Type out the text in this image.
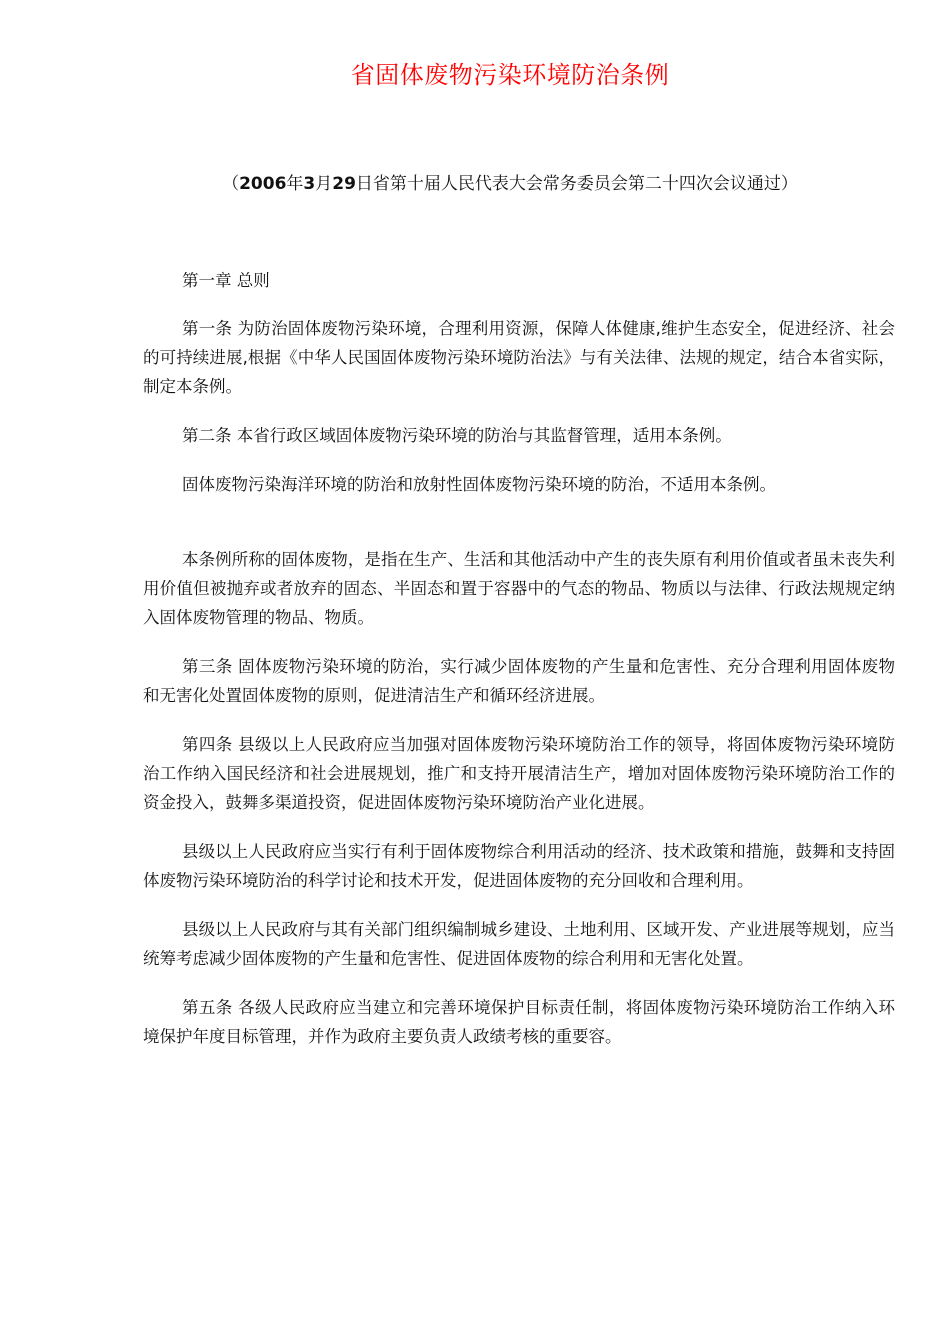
省固体废物污染环境防治条例
（2006年3月29日省第十届人民代表大会常务委员会第二十四次会议通过）

第一章 总则

第一条 为防治固体废物污染环境，合理利用资源，保障人体健康,维护生态安全，促进经济、社会的可持续进展,根据《中华人民国固体废物污染环境防治法》与有关法律、法规的规定，结合本省实际，制定本条例。

第二条 本省行政区域固体废物污染环境的防治与其监督管理，适用本条例。

固体废物污染海洋环境的防治和放射性固体废物污染环境的防治，不适用本条例。

本条例所称的固体废物，是指在生产、生活和其他活动中产生的丧失原有利用价值或者虽未丧失利用价值但被抛弃或者放弃的固态、半固态和置于容器中的气态的物品、物质以与法律、行政法规规定纳入固体废物管理的物品、物质。

第三条 固体废物污染环境的防治，实行减少固体废物的产生量和危害性、充分合理利用固体废物和无害化处置固体废物的原则，促进清洁生产和循环经济进展。

第四条 县级以上人民政府应当加强对固体废物污染环境防治工作的领导，将固体废物污染环境防治工作纳入国民经济和社会进展规划，推广和支持开展清洁生产，增加对固体废物污染环境防治工作的资金投入，鼓舞多渠道投资，促进固体废物污染环境防治产业化进展。

县级以上人民政府应当实行有利于固体废物综合利用活动的经济、技术政策和措施，鼓舞和支持固体废物污染环境防治的科学讨论和技术开发，促进固体废物的充分回收和合理利用。

县级以上人民政府与其有关部门组织编制城乡建设、土地利用、区域开发、产业进展等规划，应当统筹考虑减少固体废物的产生量和危害性、促进固体废物的综合利用和无害化处置。

第五条 各级人民政府应当建立和完善环境保护目标责任制，将固体废物污染环境防治工作纳入环境保护年度目标管理，并作为政府主要负责人政绩考核的重要容。
